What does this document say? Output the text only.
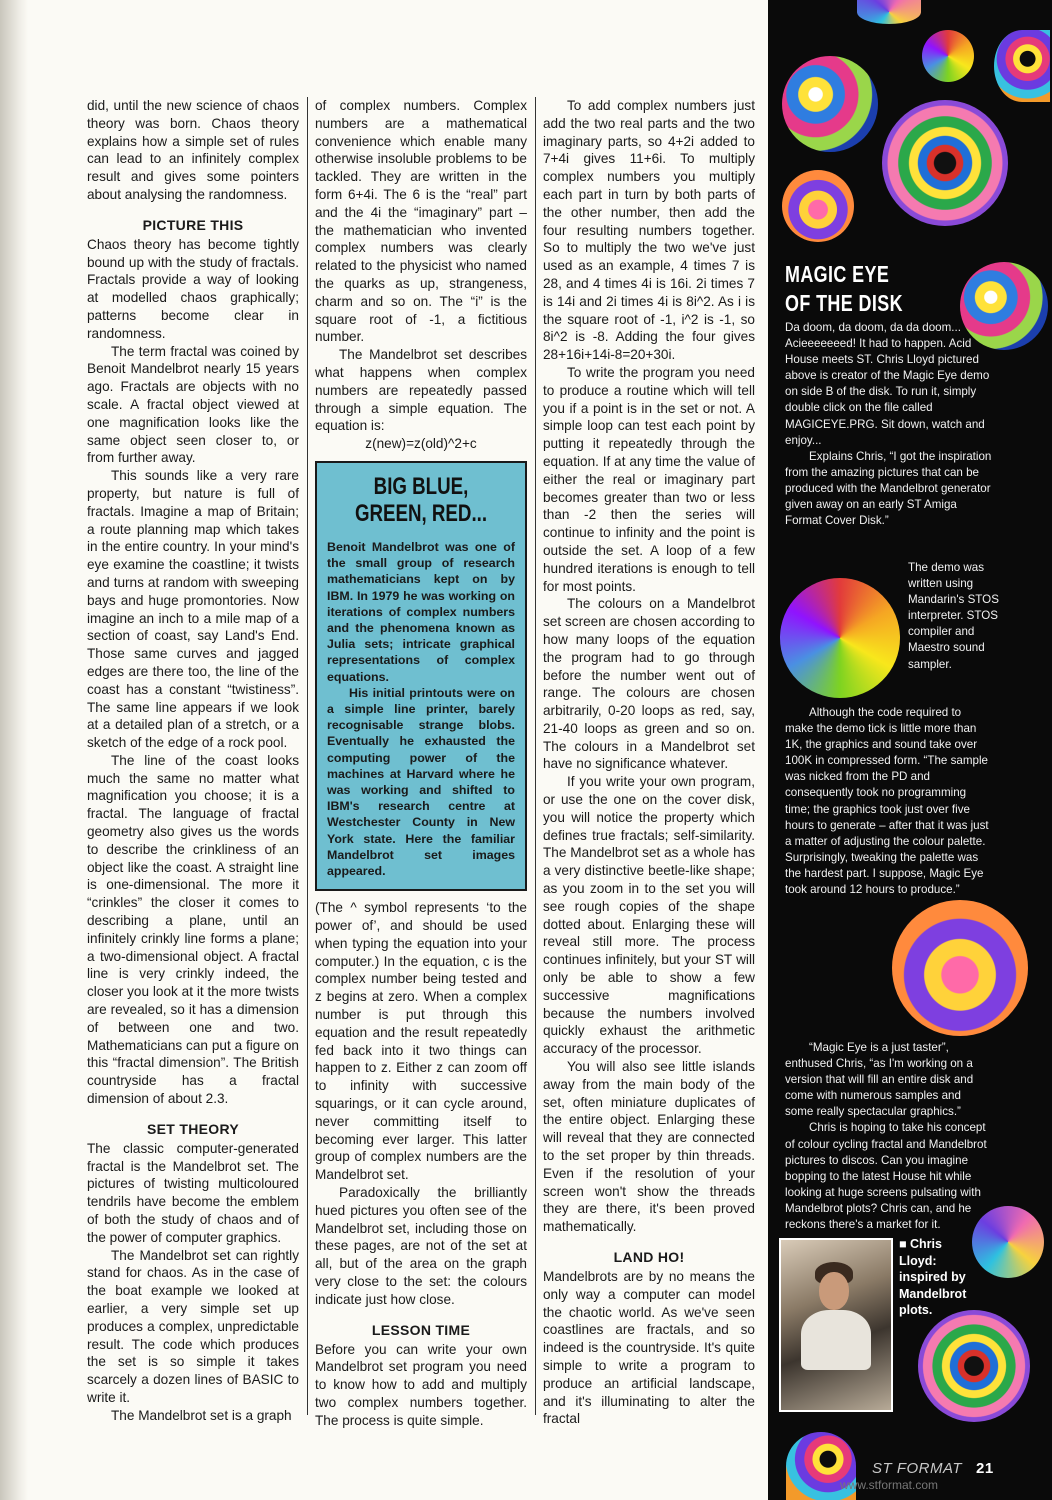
did, until the new science of chaos theory was born. Chaos theory explains how a simple set of rules can lead to an infinitely complex result and gives some pointers about analysing the randomness.

PICTURE THIS

Chaos theory has become tightly bound up with the study of fractals. Fractals provide a way of looking at modelled chaos graphically; patterns become clear in randomness.

The term fractal was coined by Benoit Mandelbrot nearly 15 years ago. Fractals are objects with no scale. A fractal object viewed at one magnification looks like the same object seen closer to, or from further away.

This sounds like a very rare property, but nature is full of fractals. Imagine a map of Britain; a route planning map which takes in the entire country. In your mind's eye examine the coastline; it twists and turns at random with sweeping bays and huge promontories. Now imagine an inch to a mile map of a section of coast, say Land's End. Those same curves and jagged edges are there too, the line of the coast has a constant “twistiness”. The same line appears if we look at a detailed plan of a stretch, or a sketch of the edge of a rock pool.

The line of the coast looks much the same no matter what magnification you choose; it is a fractal. The language of fractal geometry also gives us the words to describe the crinkliness of an object like the coast. A straight line is one-dimensional. The more it “crinkles” the closer it comes to describing a plane, until an infinitely crinkly line forms a plane; a two-dimensional object. A fractal line is very crinkly indeed, the closer you look at it the more twists are revealed, so it has a dimension of between one and two. Mathematicians can put a figure on this “fractal dimension”. The British countryside has a fractal dimension of about 2.3.

SET THEORY

The classic computer-generated fractal is the Mandelbrot set. The pictures of twisting multicoloured tendrils have become the emblem of both the study of chaos and of the power of computer graphics.

The Mandelbrot set can rightly stand for chaos. As in the case of the boat example we looked at earlier, a very simple set up produces a complex, unpredictable result. The code which produces the set is so simple it takes scarcely a dozen lines of BASIC to write it.

The Mandelbrot set is a graph

of complex numbers. Complex numbers are a mathematical convenience which enable many otherwise insoluble problems to be tackled. They are written in the form 6+4i. The 6 is the “real” part and the 4i the “imaginary” part – the mathematician who invented complex numbers was clearly related to the physicist who named the quarks as up, strangeness, charm and so on. The “i” is the square root of -1, a fictitious number.

The Mandelbrot set describes what happens when complex numbers are repeatedly passed through a simple equation. The equation is:

z(new)=z(old)^2+c

BIG BLUE, GREEN, RED...

Benoit Mandelbrot was one of the small group of research mathematicians kept on by IBM. In 1979 he was working on iterations of complex numbers and the phenomena known as Julia sets; intricate graphical representations of complex equations.

His initial printouts were on a simple line printer, barely recognisable strange blobs. Eventually he exhausted the computing power of the machines at Harvard where he was working and shifted to IBM's research centre at Westchester County in New York state. Here the familiar Mandelbrot set images appeared.

(The ^ symbol represents ‘to the power of’, and should be used when typing the equation into your computer.) In the equation, c is the complex number being tested and z begins at zero. When a complex number is put through this equation and the result repeatedly fed back into it two things can happen to z. Either z can zoom off to infinity with successive squarings, or it can cycle around, never committing itself to becoming ever larger. This latter group of complex numbers are the Mandelbrot set.

Paradoxically the brilliantly hued pictures you often see of the Mandelbrot set, including those on these pages, are not of the set at all, but of the area on the graph very close to the set: the colours indicate just how close.

LESSON TIME

Before you can write your own Mandelbrot set program you need to know how to add and multiply two complex numbers together. The process is quite simple.

To add complex numbers just add the two real parts and the two imaginary parts, so 4+2i added to 7+4i gives 11+6i. To multiply complex numbers you multiply each part in turn by both parts of the other number, then add the four resulting numbers together. So to multiply the two we've just used as an example, 4 times 7 is 28, and 4 times 4i is 16i. 2i times 7 is 14i and 2i times 4i is 8i^2. As i is the square root of -1, i^2 is -1, so 8i^2 is -8. Adding the four gives 28+16i+14i-8=20+30i.

To write the program you need to produce a routine which will tell you if a point is in the set or not. A simple loop can test each point by putting it repeatedly through the equation. If at any time the value of either the real or imaginary part becomes greater than two or less than -2 then the series will continue to infinity and the point is outside the set. A loop of a few hundred iterations is enough to tell for most points.

The colours on a Mandelbrot set screen are chosen according to how many loops of the equation the program had to go through before the number went out of range. The colours are chosen arbitrarily, 0-20 loops as red, say, 21-40 loops as green and so on. The colours in a Mandelbrot set have no significance whatever.

If you write your own program, or use the one on the cover disk, you will notice the property which defines true fractals; self-similarity. The Mandelbrot set as a whole has a very distinctive beetle-like shape; as you zoom in to the set you will see rough copies of the shape dotted about. Enlarging these will reveal still more. The process continues infinitely, but your ST will only be able to show a few successive magnifications because the numbers involved quickly exhaust the arithmetic accuracy of the processor.

You will also see little islands away from the main body of the set, often miniature duplicates of the entire object. Enlarging these will reveal that they are connected to the set proper by thin threads. Even if the resolution of your screen won't show the threads they are there, it's been proved mathematically.

LAND HO!

Mandelbrots are by no means the only way a computer can model the chaotic world. As we've seen coastlines are fractals, and so indeed is the countryside. It's quite simple to write a program to produce an artificial landscape, and it's illuminating to alter the fractal

MAGIC EYE
OF THE DISK

Da doom, da doom, da da doom... Acieeeeeeed! It had to happen. Acid House meets ST. Chris Lloyd pictured above is creator of the Magic Eye demo on side B of the disk. To run it, simply double click on the file called MAGICEYE.PRG. Sit down, watch and enjoy...

Explains Chris, “I got the inspiration from the amazing pictures that can be produced with the Mandelbrot generator given away on an early ST Amiga Format Cover Disk.”

The demo was written using Mandarin's STOS interpreter. STOS compiler and Maestro sound sampler.

Although the code required to make the demo tick is little more than 1K, the graphics and sound take over 100K in compressed form. “The sample was nicked from the PD and consequently took no programming time; the graphics took just over five hours to generate – after that it was just a matter of adjusting the colour palette. Surprisingly, tweaking the palette was the hardest part. I suppose, Magic Eye took around 12 hours to produce.”

“Magic Eye is a just taster”, enthused Chris, “as I'm working on a version that will fill an entire disk and come with numerous samples and some really spectacular graphics.”

Chris is hoping to take his concept of colour cycling fractal and Mandelbrot pictures to discos. Can you imagine bopping to the latest House hit while looking at huge screens pulsating with Mandelbrot plots? Chris can, and he reckons there's a market for it.

■ Chris Lloyd: inspired by Mandelbrot plots.
ST FORMAT 21
www.stformat.com
